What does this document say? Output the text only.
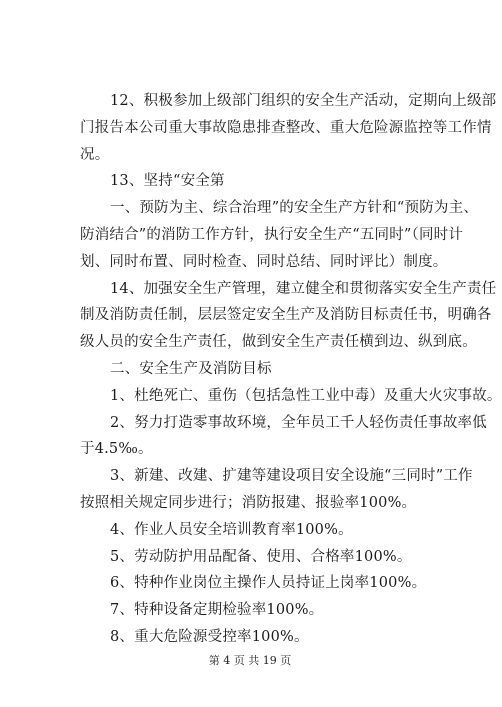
12、积极参加上级部门组织的安全生产活动，定期向上级部
门报告本公司重大事故隐患排查整改、重大危险源监控等工作情
况。
13、坚持“安全第
一、预防为主、综合治理”的安全生产方针和“预防为主、
防消结合”的消防工作方针，执行安全生产“五同时”（同时计
划、同时布置、同时检查、同时总结、同时评比）制度。
14、加强安全生产管理，建立健全和贯彻落实安全生产责任
制及消防责任制，层层签定安全生产及消防目标责任书，明确各
级人员的安全生产责任，做到安全生产责任横到边、纵到底。
二、安全生产及消防目标
1、杜绝死亡、重伤（包括急性工业中毒）及重大火灾事故。
2、努力打造零事故环境，全年员工千人轻伤责任事故率低
于4.5‰。
3、新建、改建、扩建等建设项目安全设施“三同时”工作
按照相关规定同步进行；消防报建、报验率100%。
4、作业人员安全培训教育率100%。
5、劳动防护用品配备、使用、合格率100%。
6、特种作业岗位主操作人员持证上岗率100%。
7、特种设备定期检验率100%。
8、重大危险源受控率100%。
第 4 页 共 19 页
